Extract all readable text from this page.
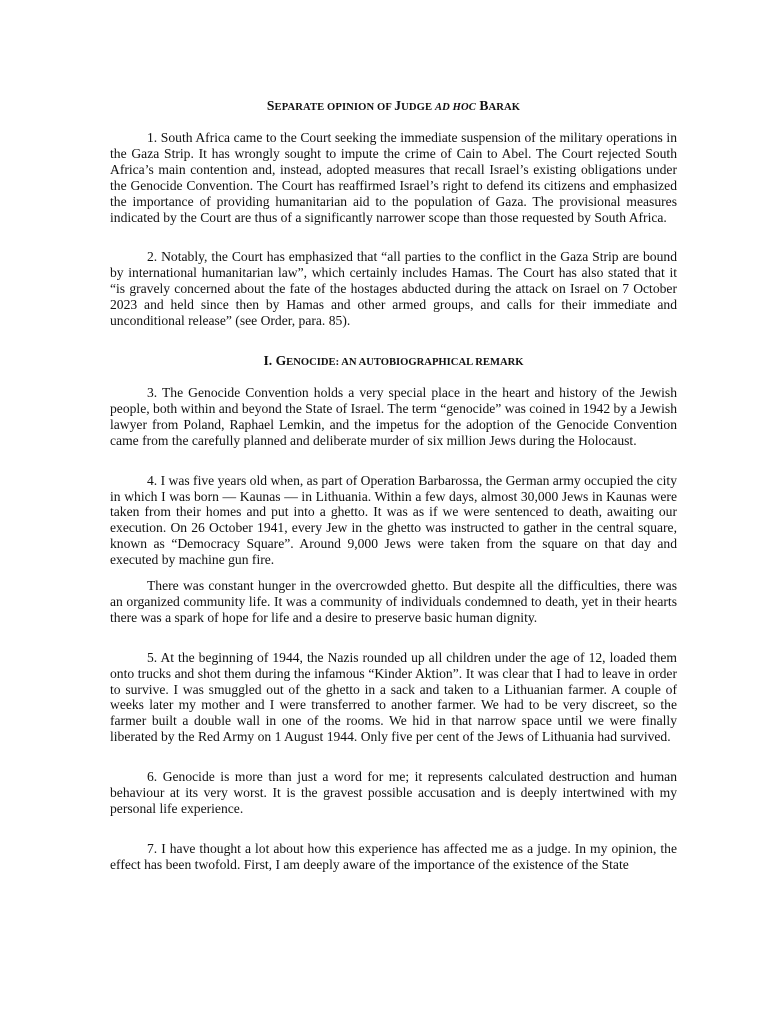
SEPARATE OPINION OF JUDGE AD HOC BARAK

1. South Africa came to the Court seeking the immediate suspension of the military operations in the Gaza Strip. It has wrongly sought to impute the crime of Cain to Abel. The Court rejected South Africa’s main contention and, instead, adopted measures that recall Israel’s existing obligations under the Genocide Convention. The Court has reaffirmed Israel’s right to defend its citizens and emphasized the importance of providing humanitarian aid to the population of Gaza. The provisional measures indicated by the Court are thus of a significantly narrower scope than those requested by South Africa.

2. Notably, the Court has emphasized that “all parties to the conflict in the Gaza Strip are bound by international humanitarian law”, which certainly includes Hamas. The Court has also stated that it “is gravely concerned about the fate of the hostages abducted during the attack on Israel on 7 October 2023 and held since then by Hamas and other armed groups, and calls for their immediate and unconditional release” (see Order, para. 85).

I. GENOCIDE: AN AUTOBIOGRAPHICAL REMARK

3. The Genocide Convention holds a very special place in the heart and history of the Jewish people, both within and beyond the State of Israel. The term “genocide” was coined in 1942 by a Jewish lawyer from Poland, Raphael Lemkin, and the impetus for the adoption of the Genocide Convention came from the carefully planned and deliberate murder of six million Jews during the Holocaust.

4. I was five years old when, as part of Operation Barbarossa, the German army occupied the city in which I was born — Kaunas — in Lithuania. Within a few days, almost 30,000 Jews in Kaunas were taken from their homes and put into a ghetto. It was as if we were sentenced to death, awaiting our execution. On 26 October 1941, every Jew in the ghetto was instructed to gather in the central square, known as “Democracy Square”. Around 9,000 Jews were taken from the square on that day and executed by machine gun fire.

There was constant hunger in the overcrowded ghetto. But despite all the difficulties, there was an organized community life. It was a community of individuals condemned to death, yet in their hearts there was a spark of hope for life and a desire to preserve basic human dignity.

5. At the beginning of 1944, the Nazis rounded up all children under the age of 12, loaded them onto trucks and shot them during the infamous “Kinder Aktion”. It was clear that I had to leave in order to survive. I was smuggled out of the ghetto in a sack and taken to a Lithuanian farmer. A couple of weeks later my mother and I were transferred to another farmer. We had to be very discreet, so the farmer built a double wall in one of the rooms. We hid in that narrow space until we were finally liberated by the Red Army on 1 August 1944. Only five per cent of the Jews of Lithuania had survived.

6. Genocide is more than just a word for me; it represents calculated destruction and human behaviour at its very worst. It is the gravest possible accusation and is deeply intertwined with my personal life experience.

7. I have thought a lot about how this experience has affected me as a judge. In my opinion, the effect has been twofold. First, I am deeply aware of the importance of the existence of the State
